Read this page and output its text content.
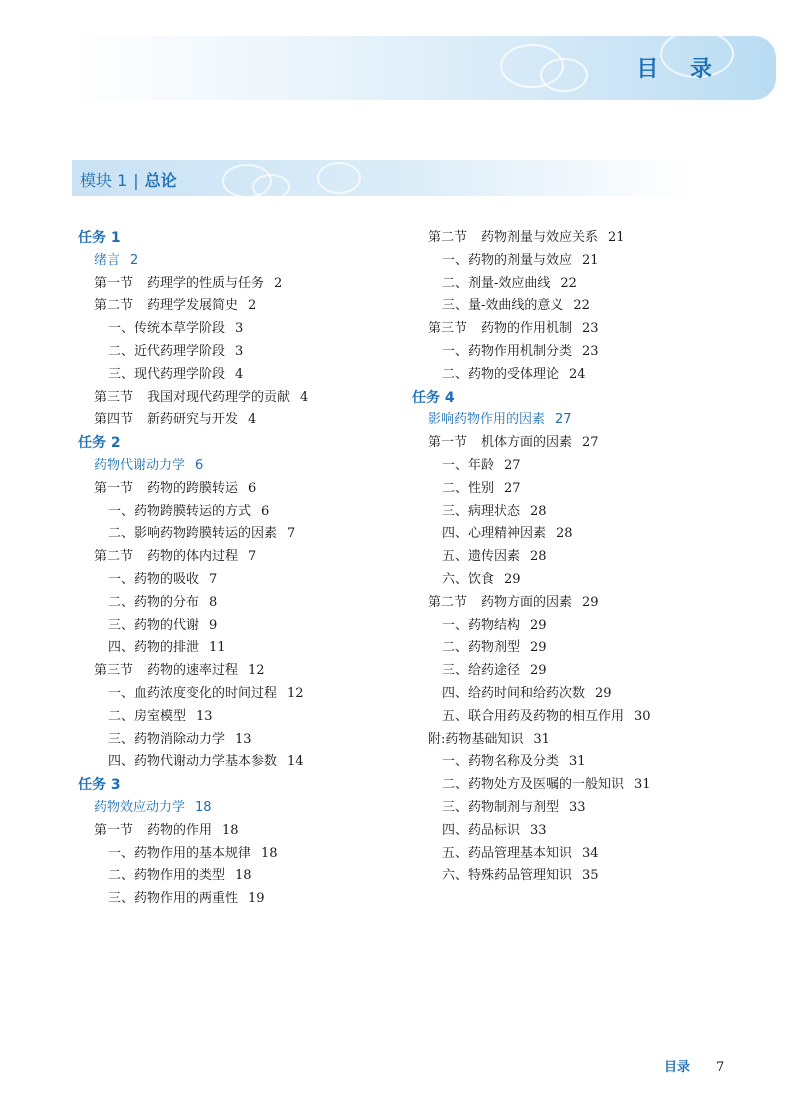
目 录
模块 1 | 总论
任务 1
绪言 2
第一节 药理学的性质与任务 2
第二节 药理学发展简史 2
一、传统本草学阶段 3
二、近代药理学阶段 3
三、现代药理学阶段 4
第三节 我国对现代药理学的贡献 4
第四节 新药研究与开发 4
任务 2
药物代谢动力学 6
第一节 药物的跨膜转运 6
一、药物跨膜转运的方式 6
二、影响药物跨膜转运的因素 7
第二节 药物的体内过程 7
一、药物的吸收 7
二、药物的分布 8
三、药物的代谢 9
四、药物的排泄 11
第三节 药物的速率过程 12
一、血药浓度变化的时间过程 12
二、房室模型 13
三、药物消除动力学 13
四、药物代谢动力学基本参数 14
任务 3
药物效应动力学 18
第一节 药物的作用 18
一、药物作用的基本规律 18
二、药物作用的类型 18
三、药物作用的两重性 19
第二节 药物剂量与效应关系 21
一、药物的剂量与效应 21
二、剂量-效应曲线 22
三、量-效曲线的意义 22
第三节 药物的作用机制 23
一、药物作用机制分类 23
二、药物的受体理论 24
任务 4
影响药物作用的因素 27
第一节 机体方面的因素 27
一、年龄 27
二、性别 27
三、病理状态 28
四、心理精神因素 28
五、遗传因素 28
六、饮食 29
第二节 药物方面的因素 29
一、药物结构 29
二、药物剂型 29
三、给药途径 29
四、给药时间和给药次数 29
五、联合用药及药物的相互作用 30
附:药物基础知识 31
一、药物名称及分类 31
二、药物处方及医嘱的一般知识 31
三、药物制剂与剂型 33
四、药品标识 33
五、药品管理基本知识 34
六、特殊药品管理知识 35
目录 7
